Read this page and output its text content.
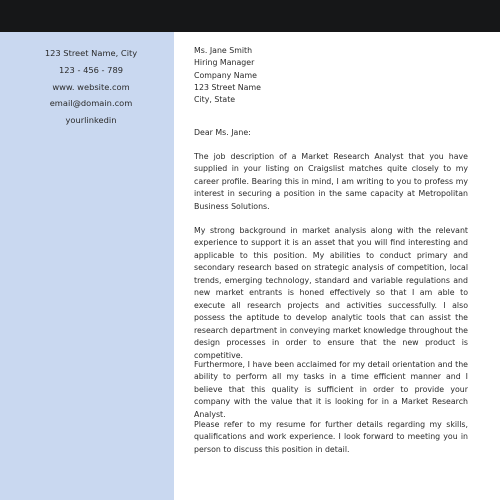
123 Street Name, City
123 - 456 - 789
www. website.com
email@domain.com
yourlinkedin
Ms. Jane Smith
Hiring Manager
Company Name
123 Street Name
City, State
Dear Ms. Jane:
The job description of a Market Research Analyst that you have supplied in your listing on Craigslist matches quite closely to my career profile. Bearing this in mind, I am writing to you to profess my interest in securing a position in the same capacity at Metropolitan Business Solutions.
My strong background in market analysis along with the relevant experience to support it is an asset that you will find interesting and applicable to this position. My abilities to conduct primary and secondary research based on strategic analysis of competition, local trends, emerging technology, standard and variable regulations and new market entrants is honed effectively so that I am able to execute all research projects and activities successfully. I also possess the aptitude to develop analytic tools that can assist the research department in conveying market knowledge throughout the design processes in order to ensure that the new product is competitive.
Furthermore, I have been acclaimed for my detail orientation and the ability to perform all my tasks in a time efficient manner and I believe that this quality is sufficient in order to provide your company with the value that it is looking for in a Market Research Analyst.
Please refer to my resume for further details regarding my skills, qualifications and work experience. I look forward to meeting you in person to discuss this position in detail.
